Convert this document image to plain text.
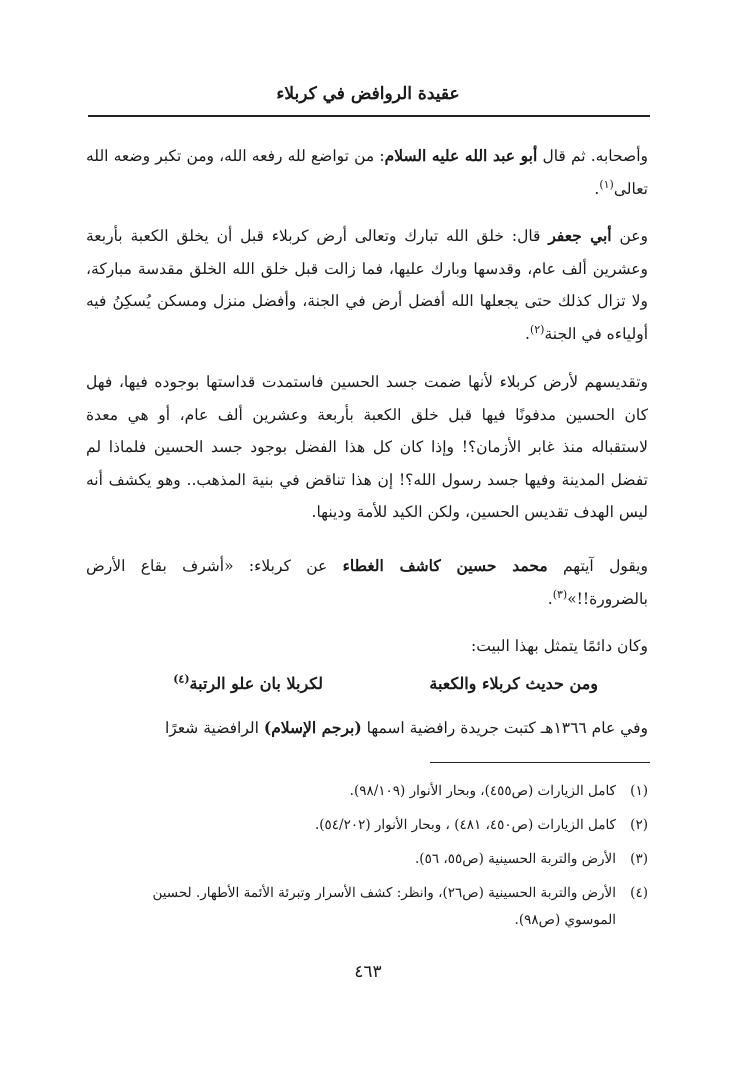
عقيدة الروافض في كربلاء

وأصحابه. ثم قال أبو عبد الله عليه السلام: من تواضع لله رفعه الله، ومن تكبر وضعه الله تعالى$^{(١)}$.

وعن أبي جعفر قال: خلق الله تبارك وتعالى أرض كربلاء قبل أن يخلق الكعبة بأربعة وعشرين ألف عام، وقدسها وبارك عليها، فما زالت قبل خلق الله الخلق مقدسة مباركة، ولا تزال كذلك حتى يجعلها الله أفضل أرض في الجنة، وأفضل منزل ومسكن يُسكِنُ فيه أولياءه في الجنة$^{(٢)}$.

وتقديسهم لأرض كربلاء لأنها ضمت جسد الحسين فاستمدت قداستها بوجوده فيها، فهل كان الحسين مدفونًا فيها قبل خلق الكعبة بأربعة وعشرين ألف عام، أو هي معدة لاستقباله منذ غابر الأزمان؟! وإذا كان كل هذا الفضل بوجود جسد الحسين فلماذا لم تفضل المدينة وفيها جسد رسول الله؟! إن هذا تناقض في بنية المذهب.. وهو يكشف أنه ليس الهدف تقديس الحسين، ولكن الكيد للأمة ودينها.

ويقول آيتهم محمد حسين كاشف الغطاء عن كربلاء: «أشرف بقاع الأرض بالضرورة!!»$^{(٣)}$.

وكان دائمًا يتمثل بهذا البيت:

ومن حديث كربلاء والكعبة
لكربلا بان علو الرتبة$^{(٤)}$

وفي عام ١٣٦٦هـ كتبت جريدة رافضية اسمها (برجم الإسلام) الرافضية شعرًا

(١)كامل الزيارات (ص٤٥٥)، وبحار الأنوار (٩٨/١٠٩).

(٢)كامل الزيارات (ص٤٥٠، ٤٨١) ، وبحار الأنوار (٥٤/٢٠٢).

(٣)الأرض والتربة الحسينية (ص٥٥، ٥٦).

(٤)الأرض والتربة الحسينية (ص٢٦)، وانظر: كشف الأسرار وتبرئة الأئمة الأطهار. لحسين
الموسوي (ص٩٨).

٤٦٣
